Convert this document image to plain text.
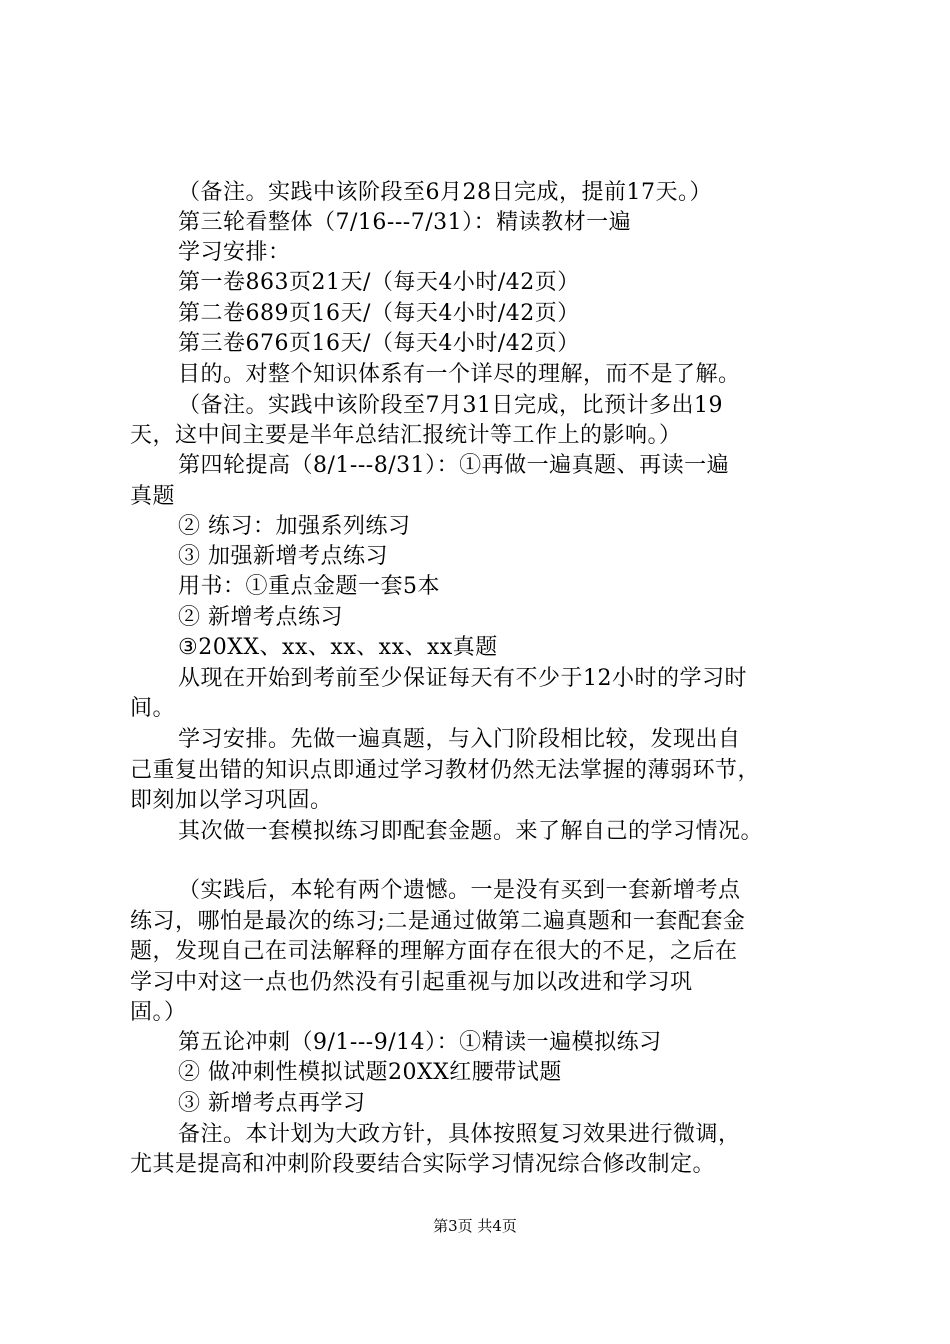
（备注。实践中该阶段至6月28日完成，提前17天。）
第三轮看整体（7/16---7/31）：精读教材一遍
学习安排：
第一卷863页21天/（每天4小时/42页）
第二卷689页16天/（每天4小时/42页）
第三卷676页16天/（每天4小时/42页）
目的。对整个知识体系有一个详尽的理解，而不是了解。
（备注。实践中该阶段至7月31日完成，比预计多出19
天，这中间主要是半年总结汇报统计等工作上的影响。）
第四轮提高（8/1---8/31）：①再做一遍真题、再读一遍
真题
② 练习：加强系列练习
③ 加强新增考点练习
用书：①重点金题一套5本
② 新增考点练习
③20XX、xx、xx、xx、xx真题
从现在开始到考前至少保证每天有不少于12小时的学习时
间。
学习安排。先做一遍真题，与入门阶段相比较，发现出自
己重复出错的知识点即通过学习教材仍然无法掌握的薄弱环节，
即刻加以学习巩固。
其次做一套模拟练习即配套金题。来了解自己的学习情况。
（实践后，本轮有两个遗憾。一是没有买到一套新增考点
练习，哪怕是最次的练习;二是通过做第二遍真题和一套配套金
题，发现自己在司法解释的理解方面存在很大的不足，之后在
学习中对这一点也仍然没有引起重视与加以改进和学习巩
固。）
第五论冲刺（9/1---9/14）：①精读一遍模拟练习
② 做冲刺性模拟试题20XX红腰带试题
③ 新增考点再学习
备注。本计划为大政方针，具体按照复习效果进行微调，
尤其是提高和冲刺阶段要结合实际学习情况综合修改制定。
第3页 共4页
